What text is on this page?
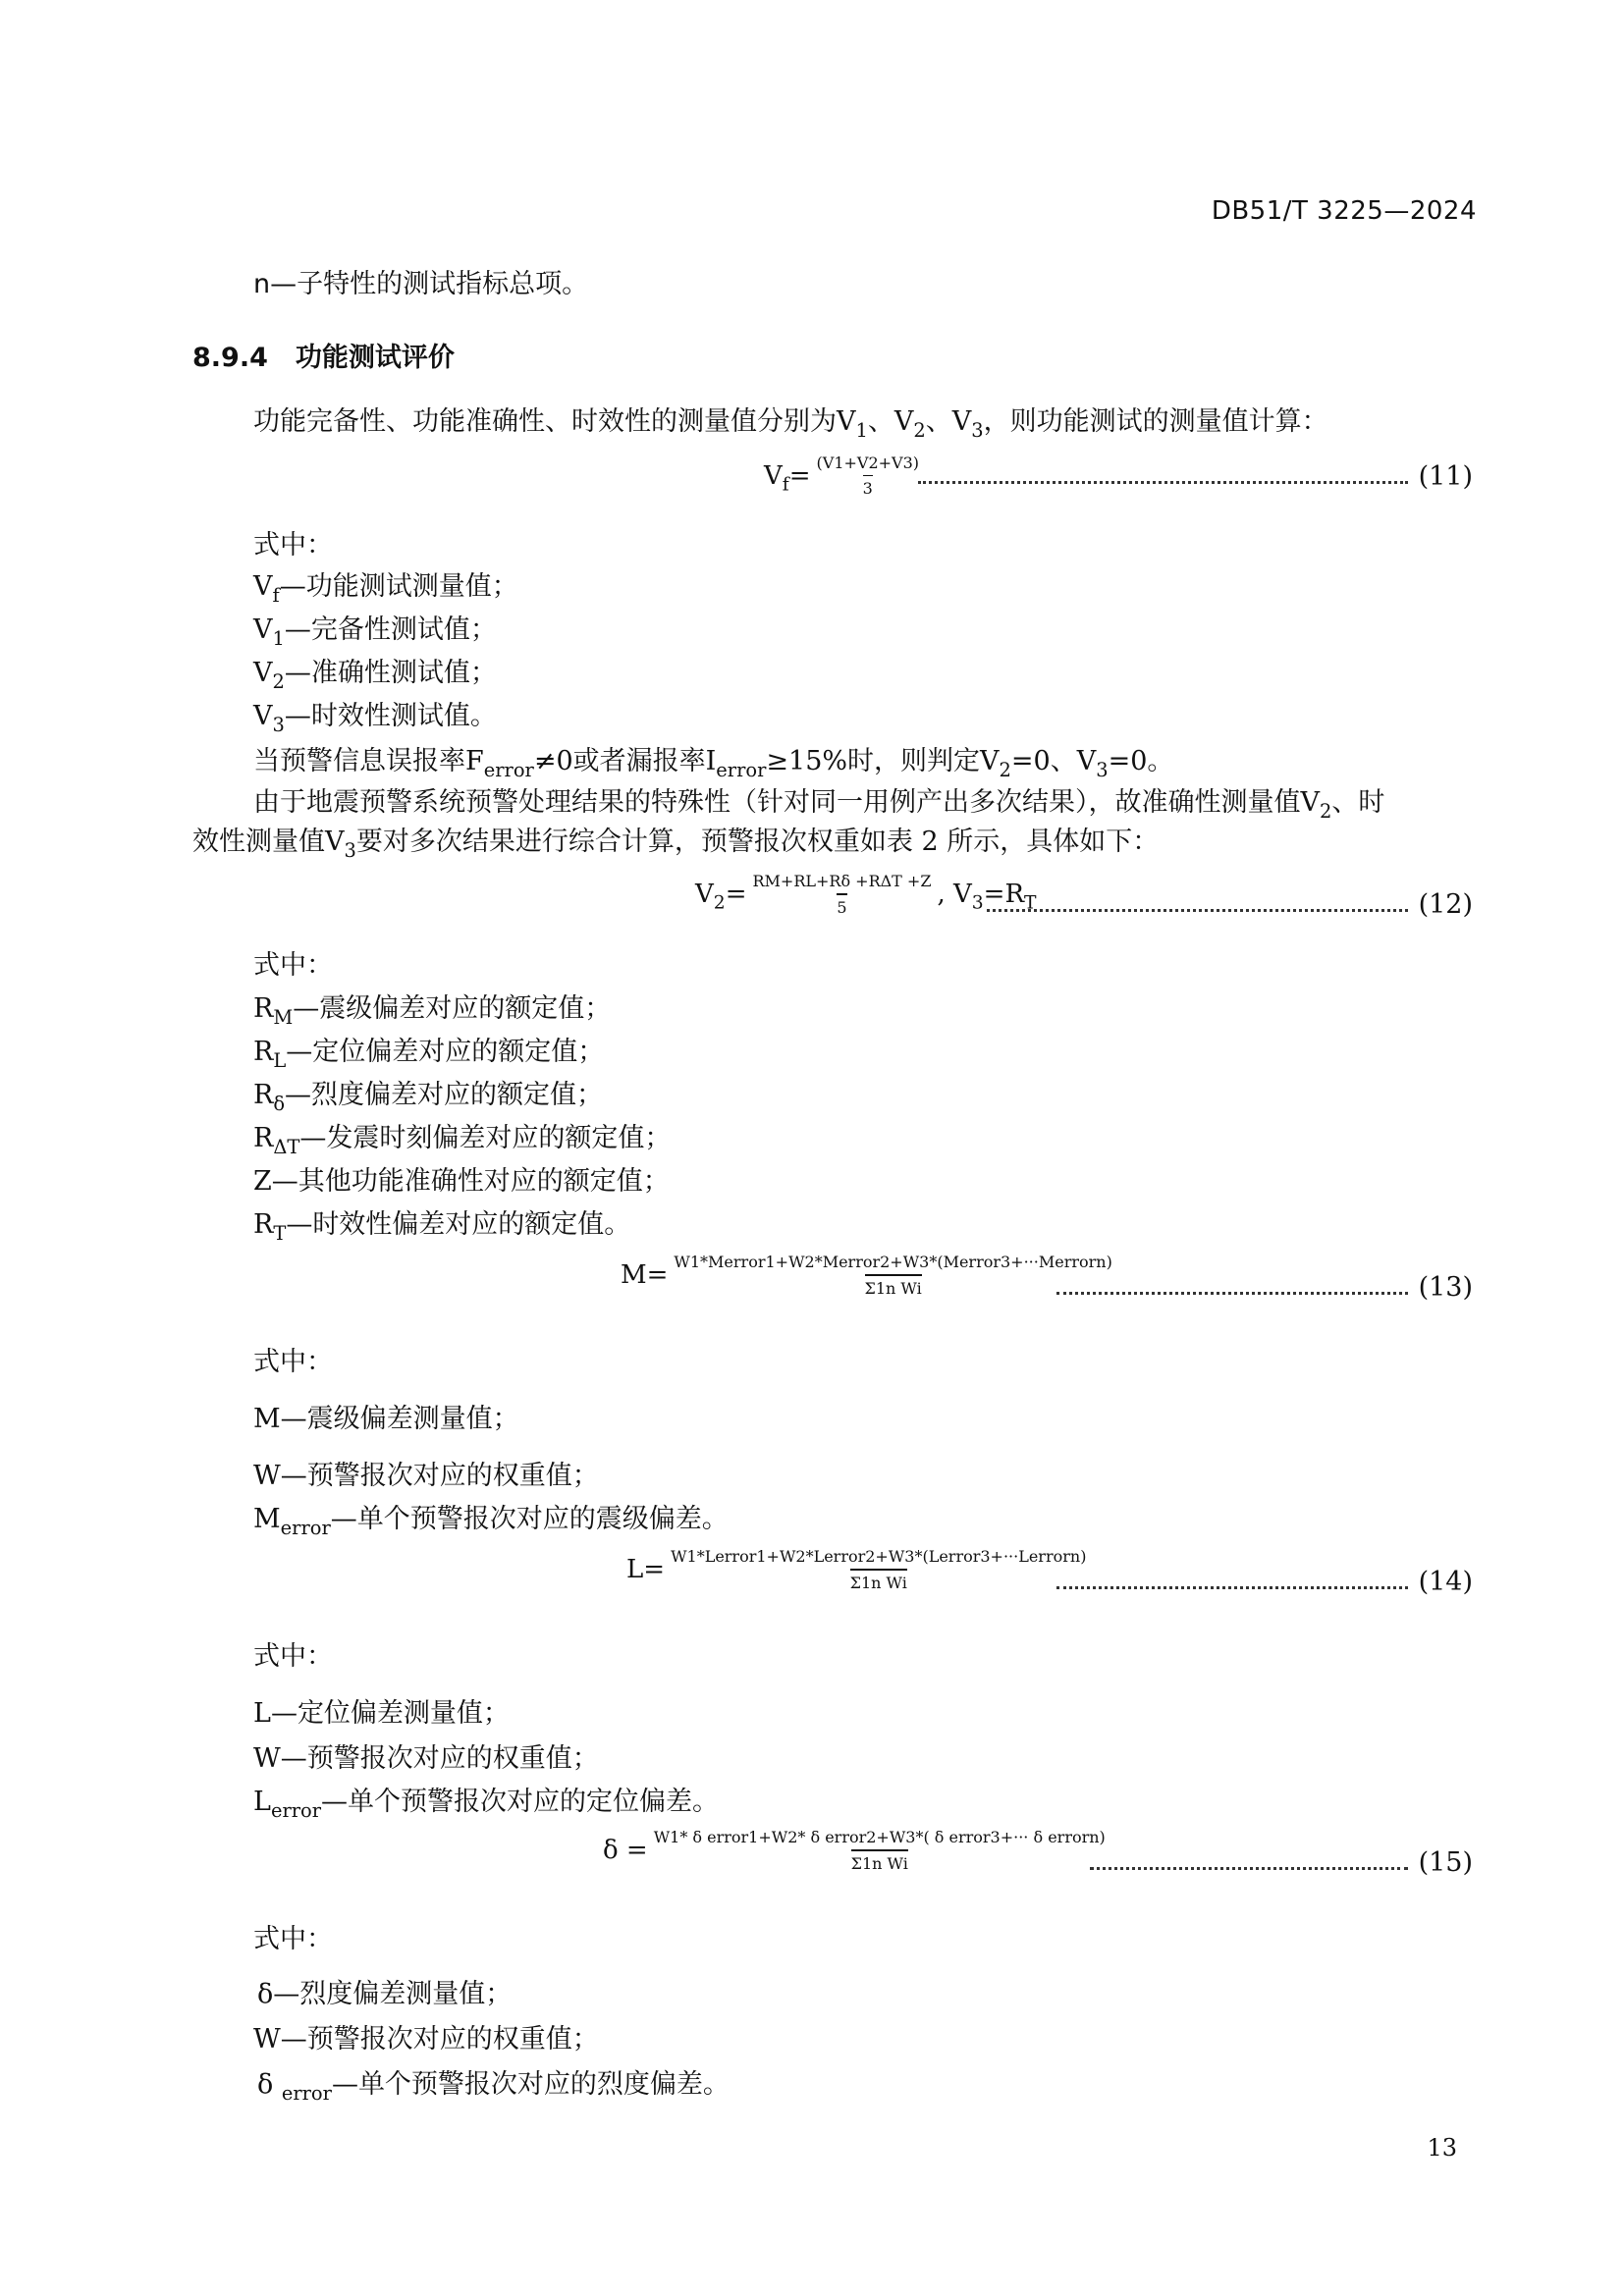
DB51/T 3225—2024
n—子特性的测试指标总项。
8.9.4 功能测试评价
功能完备性、功能准确性、时效性的测量值分别为$V_1$、$V_2$、$V_3$，则功能测试的测量值计算：
$V_f= \frac{(V1+V2+V3)}{3}$	(11)
式中：
$V_f—$功能测试测量值；
$V_1—$完备性测试值；
$V_2—$准确性测试值；
$V_3—$时效性测试值。
当预警信息误报率$F_{error}\ne 0$或者漏报率$I_{error}\ge 15\%$时，则判定$V_2=0$、$V_3=0$。
由于地震预警系统预警处理结果的特殊性（针对同一用例产出多次结果），故准确性测量值$V_2$、时
效性测量值$V_3$要对多次结果进行综合计算，预警报次权重如表 2 所示，具体如下：
$V_2= \frac{\text{RM+RL+Rδ +RΔT +Z}}{5}$ , $V_3=R_T$	(12)
式中：
$R_M—$震级偏差对应的额定值；
$R_L—$定位偏差对应的额定值；
$R_\delta—$烈度偏差对应的额定值；
$R_{\Delta T}—$发震时刻偏差对应的额定值；
Z—其他功能准确性对应的额定值；
$R_T—$时效性偏差对应的额定值。
$M= \frac{\text{W1*Merror1+W2*Merror2+W3*(Merror3+···Merrorn)}}{\text{Σ1n Wi}}$	(13)
式中：
M—震级偏差测量值；
W—预警报次对应的权重值；
$M_{error}—$单个预警报次对应的震级偏差。
$L= \frac{\text{W1*Lerror1+W2*Lerror2+W3*(Lerror3+···Lerrorn)}}{\text{Σ1n Wi}}$	(14)
式中：
L—定位偏差测量值；
W—预警报次对应的权重值；
$L_{error}—$单个预警报次对应的定位偏差。
$\delta = \frac{\text{W1* δ error1+W2* δ error2+W3*( δ error3+··· δ errorn)}}{\text{Σ1n Wi}}$	(15)
式中：
δ—烈度偏差测量值；
W—预警报次对应的权重值；
δ $_{error}$—单个预警报次对应的烈度偏差。
13
